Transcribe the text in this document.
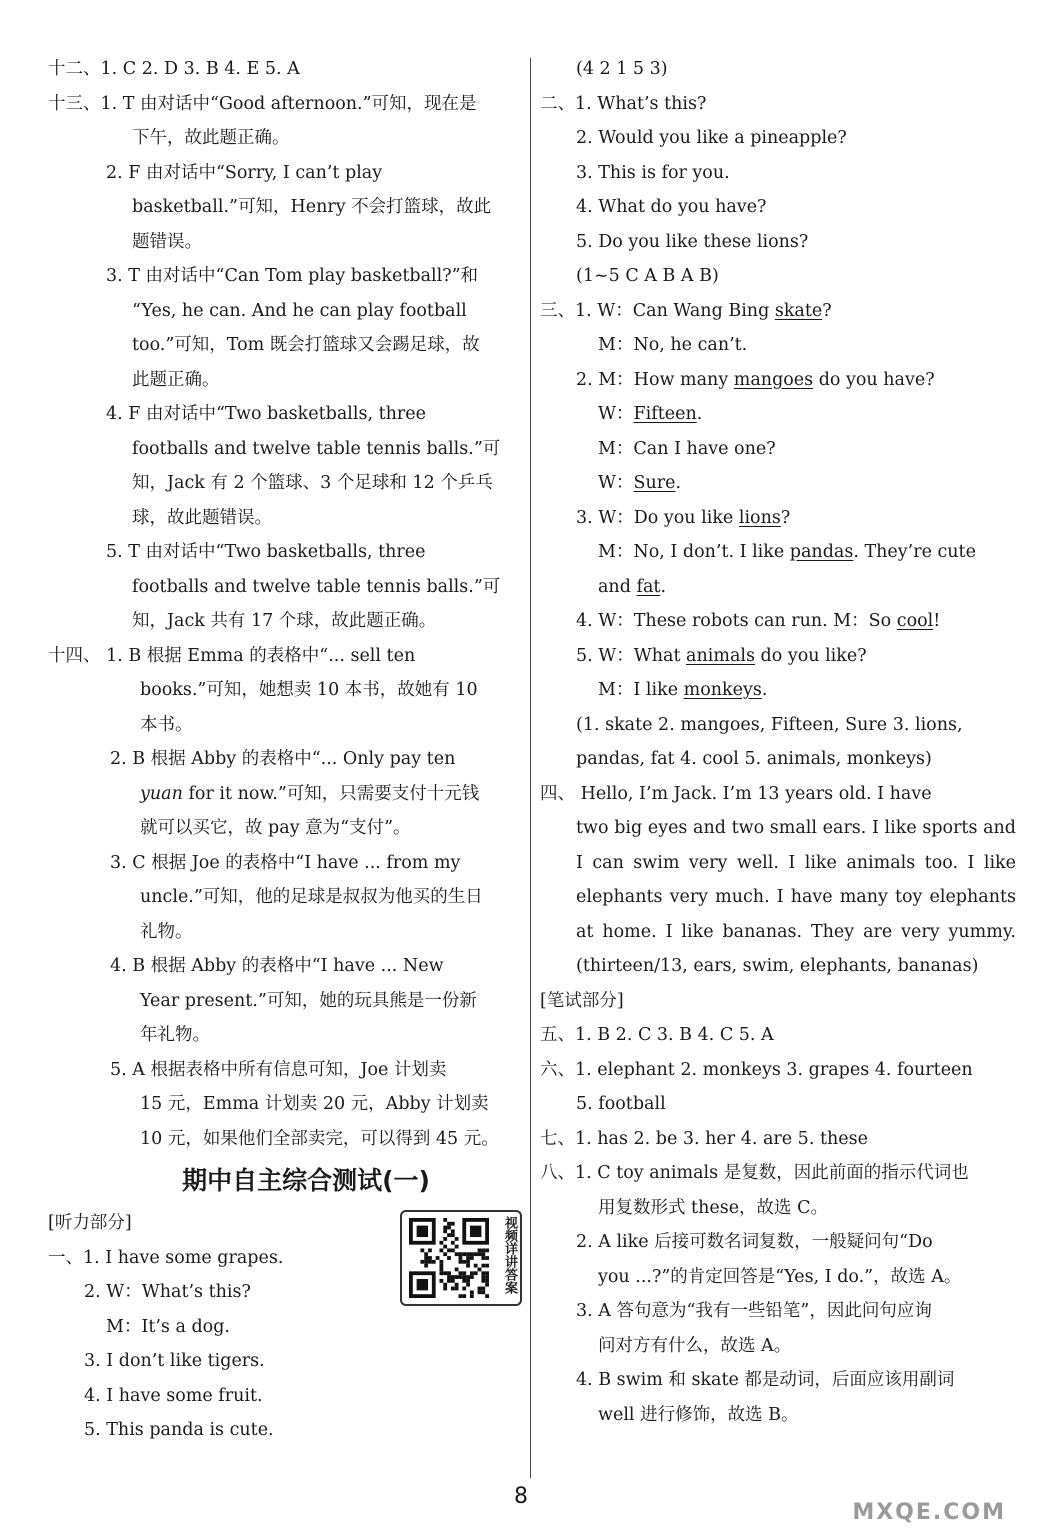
十二、1. C 2. D 3. B 4. E 5. A
十三、1. T 由对话中“Good afternoon.”可知，现在是
下午，故此题正确。
2. F 由对话中“Sorry, I can’t play
basketball.”可知，Henry 不会打篮球，故此
题错误。
3. T 由对话中“Can Tom play basketball?”和
“Yes, he can. And he can play football
too.”可知，Tom 既会打篮球又会踢足球，故
此题正确。
4. F 由对话中“Two basketballs, three
footballs and twelve table tennis balls.”可
知，Jack 有 2 个篮球、3 个足球和 12 个乒乓
球，故此题错误。
5. T 由对话中“Two basketballs, three
footballs and twelve table tennis balls.”可
知，Jack 共有 17 个球，故此题正确。
十四、 1. B 根据 Emma 的表格中“... sell ten
books.”可知，她想卖 10 本书，故她有 10
本书。
2. B 根据 Abby 的表格中“... Only pay ten
yuan for it now.”可知，只需要支付十元钱
就可以买它，故 pay 意为“支付”。
3. C 根据 Joe 的表格中“I have ... from my
uncle.”可知，他的足球是叔叔为他买的生日
礼物。
4. B 根据 Abby 的表格中“I have ... New
Year present.”可知，她的玩具熊是一份新
年礼物。
5. A 根据表格中所有信息可知，Joe 计划卖
15 元，Emma 计划卖 20 元，Abby 计划卖
10 元，如果他们全部卖完，可以得到 45 元。
期中自主综合测试(一)
[听力部分]
一、1. I have some grapes.
2. W：What’s this?
M：It’s a dog.
3. I don’t like tigers.
4. I have some fruit.
5. This panda is cute.
(4 2 1 5 3)
二、1. What’s this?
2. Would you like a pineapple?
3. This is for you.
4. What do you have?
5. Do you like these lions?
(1~5 C A B A B)
三、1. W：Can Wang Bing skate?
M：No, he can’t.
2. M：How many mangoes do you have?
W：Fifteen.
M：Can I have one?
W：Sure.
3. W：Do you like lions?
M：No, I don’t. I like pandas. They’re cute
and fat.
4. W：These robots can run. M：So cool!
5. W：What animals do you like?
M：I like monkeys.
(1. skate 2. mangoes, Fifteen, Sure 3. lions,
pandas, fat 4. cool 5. animals, monkeys)
四、 Hello, I’m Jack. I’m 13 years old. I have
two big eyes and two small ears. I like sports and
I can swim very well. I like animals too. I like
elephants very much. I have many toy elephants
at home. I like bananas. They are very yummy.
(thirteen/13, ears, swim, elephants, bananas)
[笔试部分]
五、1. B 2. C 3. B 4. C 5. A
六、1. elephant 2. monkeys 3. grapes 4. fourteen
5. football
七、1. has 2. be 3. her 4. are 5. these
八、1. C toy animals 是复数，因此前面的指示代词也
用复数形式 these，故选 C。
2. A like 后接可数名词复数，一般疑问句“Do
you ...?”的肯定回答是“Yes, I do.”，故选 A。
3. A 答句意为“我有一些铅笔”，因此问句应询
问对方有什么，故选 A。
4. B swim 和 skate 都是动词，后面应该用副词
well 进行修饰，故选 B。
视频详讲答案
8
MXQE.COM
